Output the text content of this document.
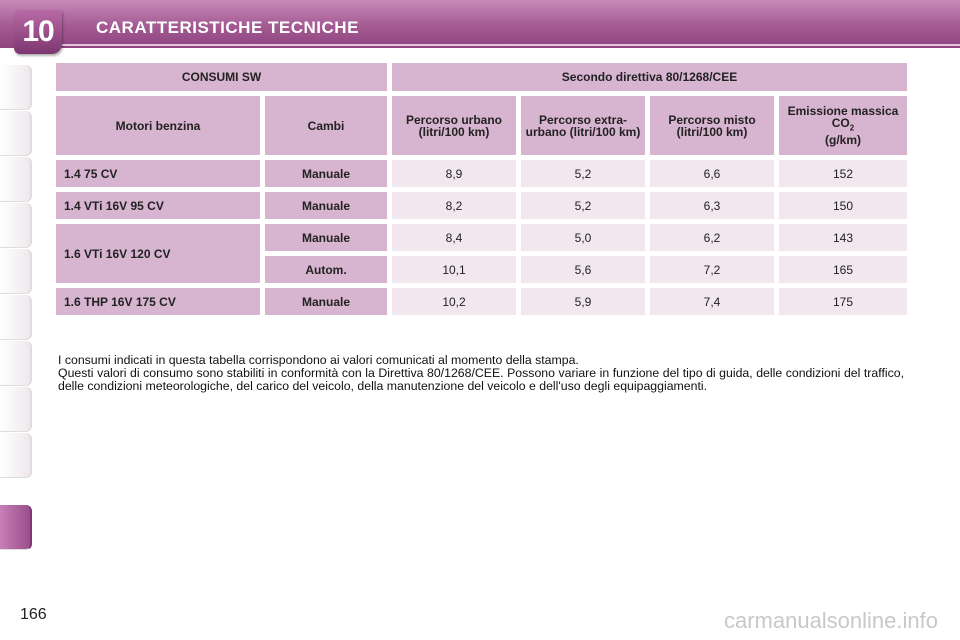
10	CARATTERISTICHE TECNICHE
CONSUMI SW		Secondo direttiva 80/1268/CEE			
Motori benzina	Cambi	Percorso urbano (litri/100 km)	Percorso extra-urbano (litri/100 km)	Percorso misto (litri/100 km)	Emissione massica $CO_2$
(g/km)
1.4 75 CV	Manuale	8,9	5,2	6,6	152
1.4 VTi 16V 95 CV	Manuale	8,2	5,2	6,3	150
1.6 VTi 16V 120 CV	Manuale	8,4	5,0	6,2	143
	Autom.	10,1	5,6	7,2	165
1.6 THP 16V 175 CV	Manuale	10,2	5,9	7,4	175

I consumi indicati in questa tabella corrispondono ai valori comunicati al momento della stampa.

Questi valori di consumo sono stabiliti in conformità con la Direttiva 80/1268/CEE. Possono variare in funzione del tipo di guida, delle condizioni del traffico, delle condizioni meteorologiche, del carico del veicolo, della manutenzione del veicolo e dell'uso degli equipaggiamenti.

166	carmanualsonline.info
